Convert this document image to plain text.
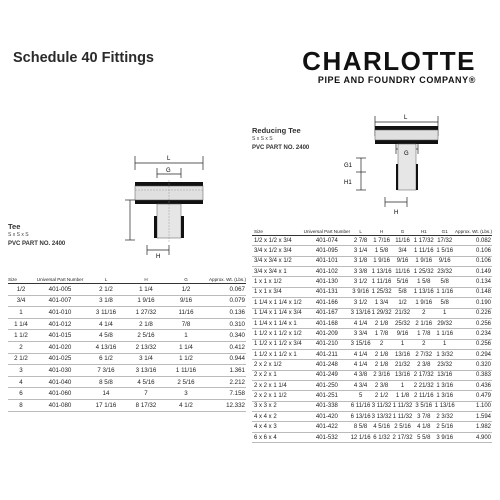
Schedule 40 Fittings	CHARLOTTE
PIPE AND FOUNDRY COMPANY®
L
G
H
Tee
S x S x S
PVC PART NO. 2400
L
G
G1
H1
H
Reducing Tee
S x S x S
PVC PART NO. 2400
Size	Universal Part Number	L	H	G	Approx. Wt. (Lbs.)
1/2	401-005	2 1/2	1 1/4	1/2	0.067
3/4	401-007	3 1/8	1 9/16	9/16	0.079
1	401-010	3 11/16	1 27/32	11/16	0.136
1 1/4	401-012	4 1/4	2 1/8	7/8	0.310
1 1/2	401-015	4 5/8	2 5/16	1	0.340
2	401-020	4 13/16	2 13/32	1 1/4	0.412
2 1/2	401-025	6 1/2	3 1/4	1 1/2	0.944
3	401-030	7 3/16	3 13/16	1 11/16	1.361
4	401-040	8 5/8	4 5/16	2 5/16	2.212
6	401-060	14	7	3	7.158
8	401-080	17 1/16	8 17/32	4 1/2	12.332
Size	Universal Part Number	L	H	G	H1	G1	Approx. Wt. (Lbs.)
1/2 x 1/2 x 3/4	401-074	2 7/8	1 7/16	11/16	1 17/32	17/32	0.082
3/4 x 1/2 x 3/4	401-095	3 1/4	1 5/8	3/4	1 11/16	1 5/16	0.106
3/4 x 3/4 x 1/2	401-101	3 1/8	1 9/16	9/16	1 9/16	9/16	0.106
3/4 x 3/4 x 1	401-102	3 3/8	1 13/16	11/16	1 25/32	23/32	0.149
1 x 1 x 1/2	401-130	3 1/2	1 11/16	5/16	1 5/8	5/8	0.134
1 x 1 x 3/4	401-131	3 9/16	1 25/32	5/8	1 13/16	1 1/16	0.148
1 1/4 x 1 1/4 x 1/2	401-166	3 1/2	1 3/4	1/2	1 9/16	5/8	0.190
1 1/4 x 1 1/4 x 3/4	401-167	3 13/16	1 29/32	21/32	2	1	0.226
1 1/4 x 1 1/4 x 1	401-168	4 1/4	2 1/8	25/32	2 1/16	29/32	0.256
1 1/2 x 1 1/2 x 1/2	401-209	3 3/4	1 7/8	9/16	1 7/8	1 1/16	0.234
1 1/2 x 1 1/2 x 3/4	401-210	3 15/16	2	1	2	1	0.256
1 1/2 x 1 1/2 x 1	401-211	4 1/4	2 1/8	13/16	2 7/32	1 3/32	0.294
2 x 2 x 1/2	401-248	4 1/4	2 1/8	21/32	2 3/8	23/32	0.320
2 x 2 x 1	401-249	4 3/8	2 3/16	13/16	2 17/32	13/16	0.383
2 x 2 x 1 1/4	401-250	4 3/4	2 3/8	1	2 21/32	1 3/16	0.436
2 x 2 x 1 1/2	401-251	5	2 1/2	1 1/8	2 11/16	1 3/16	0.479
3 x 3 x 2	401-338	6 11/16	3 11/32	1 11/32	3 5/16	1 13/16	1.100
4 x 4 x 2	401-420	6 13/16	3 13/32	1 11/32	3 7/8	2 3/32	1.594
4 x 4 x 3	401-422	8 5/8	4 5/16	2 5/16	4 1/8	2 5/16	1.982
6 x 6 x 4	401-532	12 1/16	6 1/32	2 17/32	5 5/8	3 9/16	4.900
